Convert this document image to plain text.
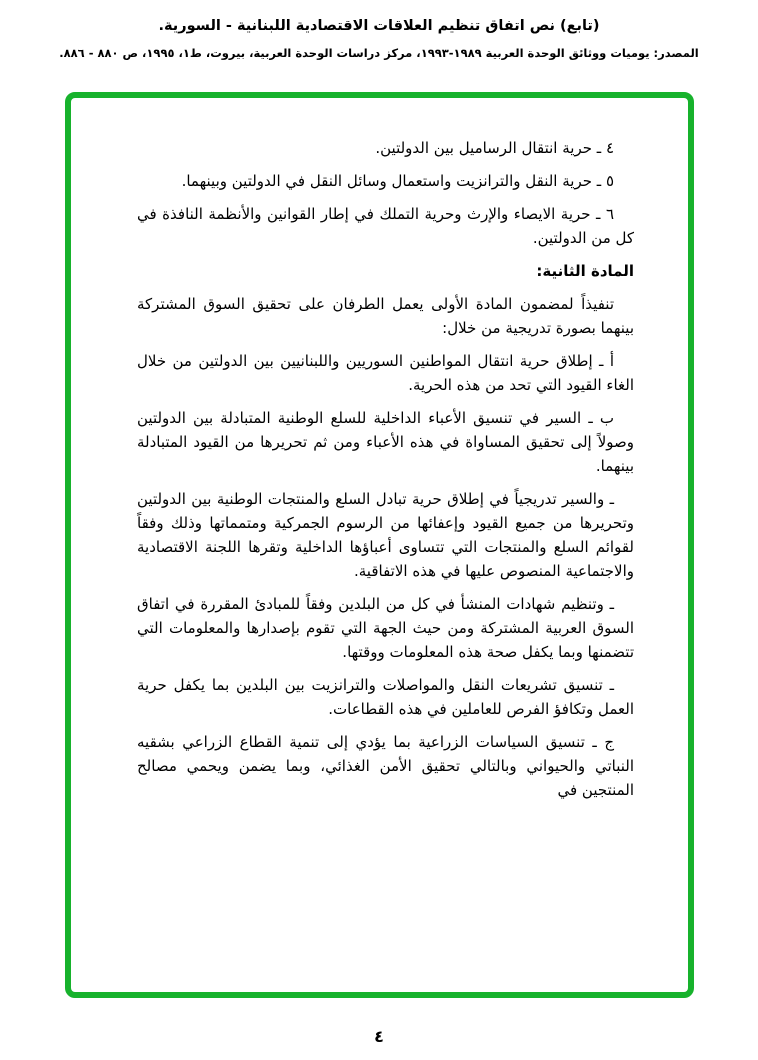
(تابع) نص اتفاق تنظيم العلاقات الاقتصادية اللبنانية - السورية.
المصدر: يوميات ووثائق الوحدة العربية ١٩٨٩-١٩٩٣، مركز دراسات الوحدة العربية، بيروت، ط١، ١٩٩٥، ص ٨٨٠ - ٨٨٦.

٤ ـ حرية انتقال الرساميل بين الدولتين.

٥ ـ حرية النقل والترانزيت واستعمال وسائل النقل في الدولتين وبينهما.

٦ ـ حرية الايصاء والإرث وحرية التملك في إطار القوانين والأنظمة النافذة في كل من الدولتين.

المادة الثانية:

تنفيذاً لمضمون المادة الأولى يعمل الطرفان على تحقيق السوق المشتركة بينهما بصورة تدريجية من خلال:

أ ـ إطلاق حرية انتقال المواطنين السوريين واللبنانيين بين الدولتين من خلال الغاء القيود التي تحد من هذه الحرية.

ب ـ السير في تنسيق الأعباء الداخلية للسلع الوطنية المتبادلة بين الدولتين وصولاً إلى تحقيق المساواة في هذه الأعباء ومن ثم تحريرها من القيود المتبادلة بينهما.

ـ والسير تدريجياً في إطلاق حرية تبادل السلع والمنتجات الوطنية بين الدولتين وتحريرها من جميع القيود وإعفائها من الرسوم الجمركية ومتمماتها وذلك وفقاً لقوائم السلع والمنتجات التي تتساوى أعباؤها الداخلية وتقرها اللجنة الاقتصادية والاجتماعية المنصوص عليها في هذه الاتفاقية.

ـ وتنظيم شهادات المنشأ في كل من البلدين وفقاً للمبادئ المقررة في اتفاق السوق العربية المشتركة ومن حيث الجهة التي تقوم بإصدارها والمعلومات التي تتضمنها وبما يكفل صحة هذه المعلومات ووقتها.

ـ تنسيق تشريعات النقل والمواصلات والترانزيت بين البلدين بما يكفل حرية العمل وتكافؤ الفرص للعاملين في هذه القطاعات.

ج ـ تنسيق السياسات الزراعية بما يؤدي إلى تنمية القطاع الزراعي بشقيه النباتي والحيواني وبالتالي تحقيق الأمن الغذائي، وبما يضمن ويحمي مصالح المنتجين في

٤
